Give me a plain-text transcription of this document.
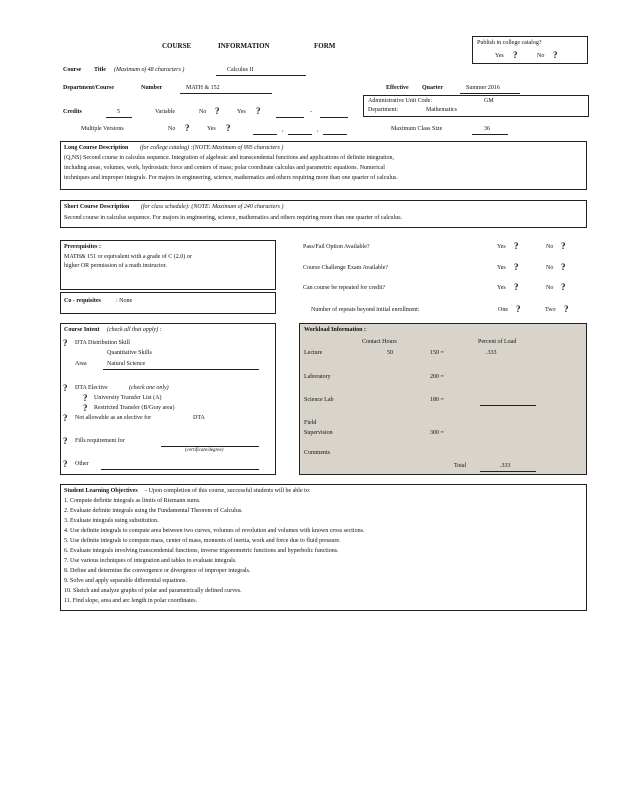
COURSE	INFORMATION	FORM	Publish in college catalog?
Yes ?	No ?
Course Title (Maximum of 48 characters )	Calculus II
Department/Course	Number	MATH & 152	Effective Quarter	Summer 2016
Administrative Unit Code:	GM
Department:	Mathematics
Credits	5	Variable	No ?	Yes ?	-
Multiple Versions	No ?	Yes ?	,	,	Maximum Class Size	36
Long Course Description (for college catalog) :(NOTE:Maximum of 995 characters )
(Q,NS) Second course in calculus sequence. Integration of algebraic and transcendental functions and applications of definite integration,
including areas, volumes, work, hydrostatic force and centers of mass; polar coordinate calculus and parametric equations. Numerical
techniques and improper integrals. For majors in engineering, science, mathematics and others requiring more than one quarter of calculus.
Short Course Description (for class schedule): (NOTE: Maximum of 240 characters )
Second course in calculus sequence. For majors in engineering, science, mathematics and others requiring more than one quarter of calculus.
Prerequisites :
MATH& 151 or equivalent with a grade of C (2.0) or
higher OR permission of a math instructor.
Co - requisites	: None
Pass/Fail Option Available?	Yes ?	No ?
Course Challenge Exam Available?	Yes ?	No ?
Can course be repeated for credit?	Yes ?	No ?
Number of repeats beyond initial enrollment:	One ?	Two ?
Course Intent (check all that apply) :
? DTA Distribution Skill
Quantitative Skills
Area	Natural Science
? DTA Elective	(check one only)
? University Transfer List (A)
? Restricted Transfer (B/Gray area)
? Not allowable as an elective for	DTA
? Fills requirement for
(certificate/degree)
? Other
Workload Information :
Contact Hours	Percent of Load
Lecture	50	150 =	.333
Laboratory	200 =
Science Lab	180 =
Field
Supervision	300 =
Comments
Total	.333
Student Learning Objectives - Upon completion of this course, successful students will be able to:
1. Compute definite integrals as limits of Riemann sums.
2. Evaluate definite integrals using the Fundamental Theorem of Calculus.
3. Evaluate integrals using substitution.
4. Use definite integrals to compute area between two curves, volumes of revolution and volumes with known cross sections.
5. Use definite integrals to compute mass, center of mass, moments of inertia, work and force due to fluid pressure.
6. Evaluate integrals involving transcendental functions, inverse trigonometric functions and hyperbolic functions.
7. Use various techniques of integration and tables to evaluate integrals.
8. Define and determine the convergence or divergence of improper integrals.
9. Solve and apply separable differential equations.
10. Sketch and analyze graphs of polar and parametrically defined curves.
11. Find slope, area and arc length in polar coordinates.
